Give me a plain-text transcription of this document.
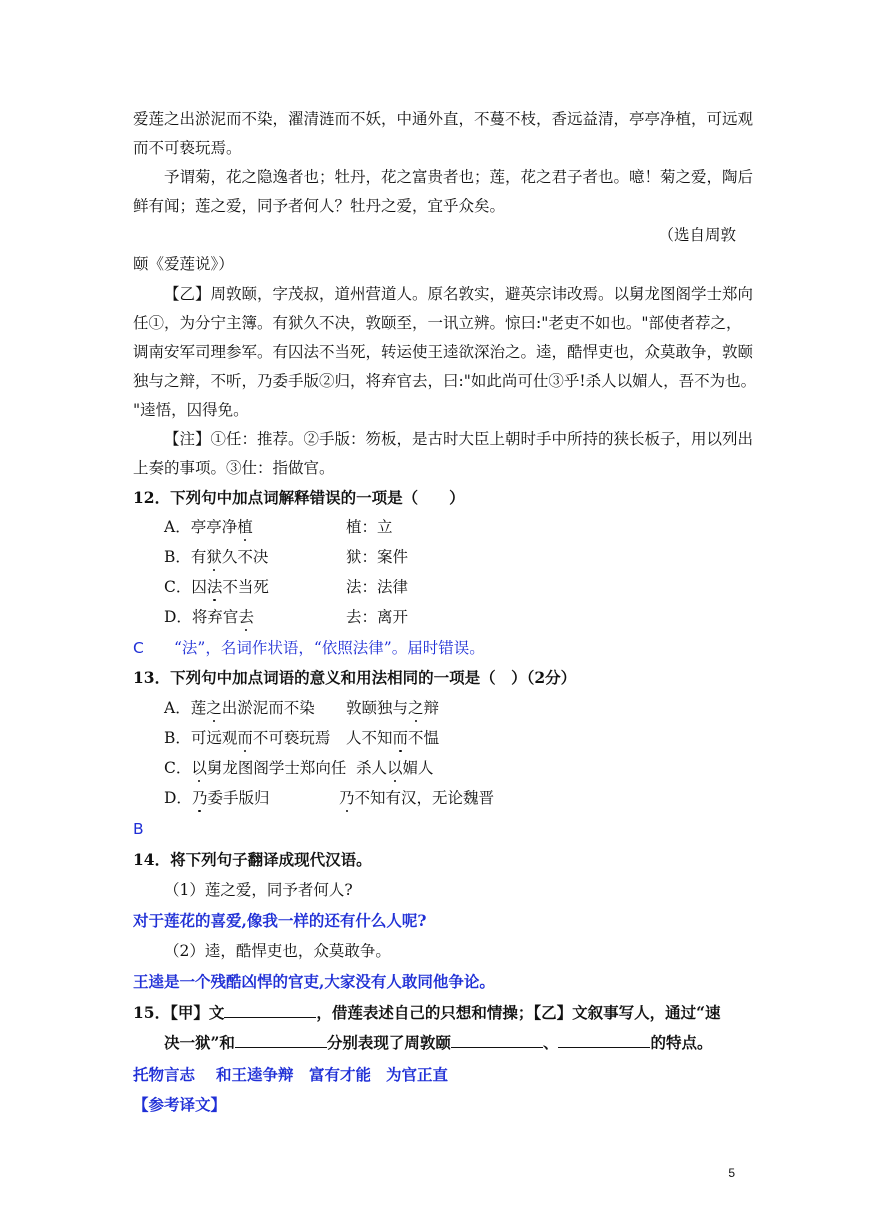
爱莲之出淤泥而不染，濯清涟而不妖，中通外直，不蔓不枝，香远益清，亭亭净植，可远观
而不可亵玩焉。
予谓菊，花之隐逸者也；牡丹，花之富贵者也；莲，花之君子者也。噫！菊之爱，陶后
鲜有闻；莲之爱，同予者何人？牡丹之爱，宜乎众矣。
（选自周敦
颐《爱莲说》）
【乙】周敦颐，字茂叔，道州营道人。原名敦实，避英宗讳改焉。以舅龙图阁学士郑向
任①，为分宁主簿。有狱久不决，敦颐至，一讯立辨。惊曰:"老吏不如也。"部使者荐之，
调南安军司理参军。有囚法不当死，转运使王逵欲深治之。逵，酷悍吏也，众莫敢争，敦颐
独与之辩，不听，乃委手版②归，将弃官去，曰:"如此尚可仕③乎!杀人以媚人，吾不为也。
"逵悟，囚得免。
【注】①任：推荐。②手版：笏板，是古时大臣上朝时手中所持的狭长板子，用以列出
上奏的事项。③仕：指做官。
12．下列句中加点词解释错误的一项是（　　）
A．亭亭净植	植：立
B．有狱久不决	狱：案件
C．囚法不当死	法：法律
D．将弃官去	去：离开
C “法”，名词作状语，“依照法律”。届时错误。
13．下列句中加点词语的意义和用法相同的一项是（　）（2分）
A．莲之出淤泥而不染 敦颐独与之辩
B．可远观而不可亵玩焉 人不知而不愠
C．以舅龙图阁学士郑向任 杀人以媚人
D．乃委手版归	乃不知有汉，无论魏晋
B
14．将下列句子翻译成现代汉语。
（1）莲之爱，同予者何人?
对于莲花的喜爱,像我一样的还有什么人呢?
（2）逵，酷悍吏也，众莫敢争。
王逵是一个残酷凶悍的官吏,大家没有人敢同他争论。
15．【甲】文	，借莲表述自己的只想和情操；【乙】文叙事写人，通过“速
决一狱”和	分别表现了周敦颐	、	的特点。
托物言志 和王逵争辩 富有才能 为官正直
【参考译文】
5
